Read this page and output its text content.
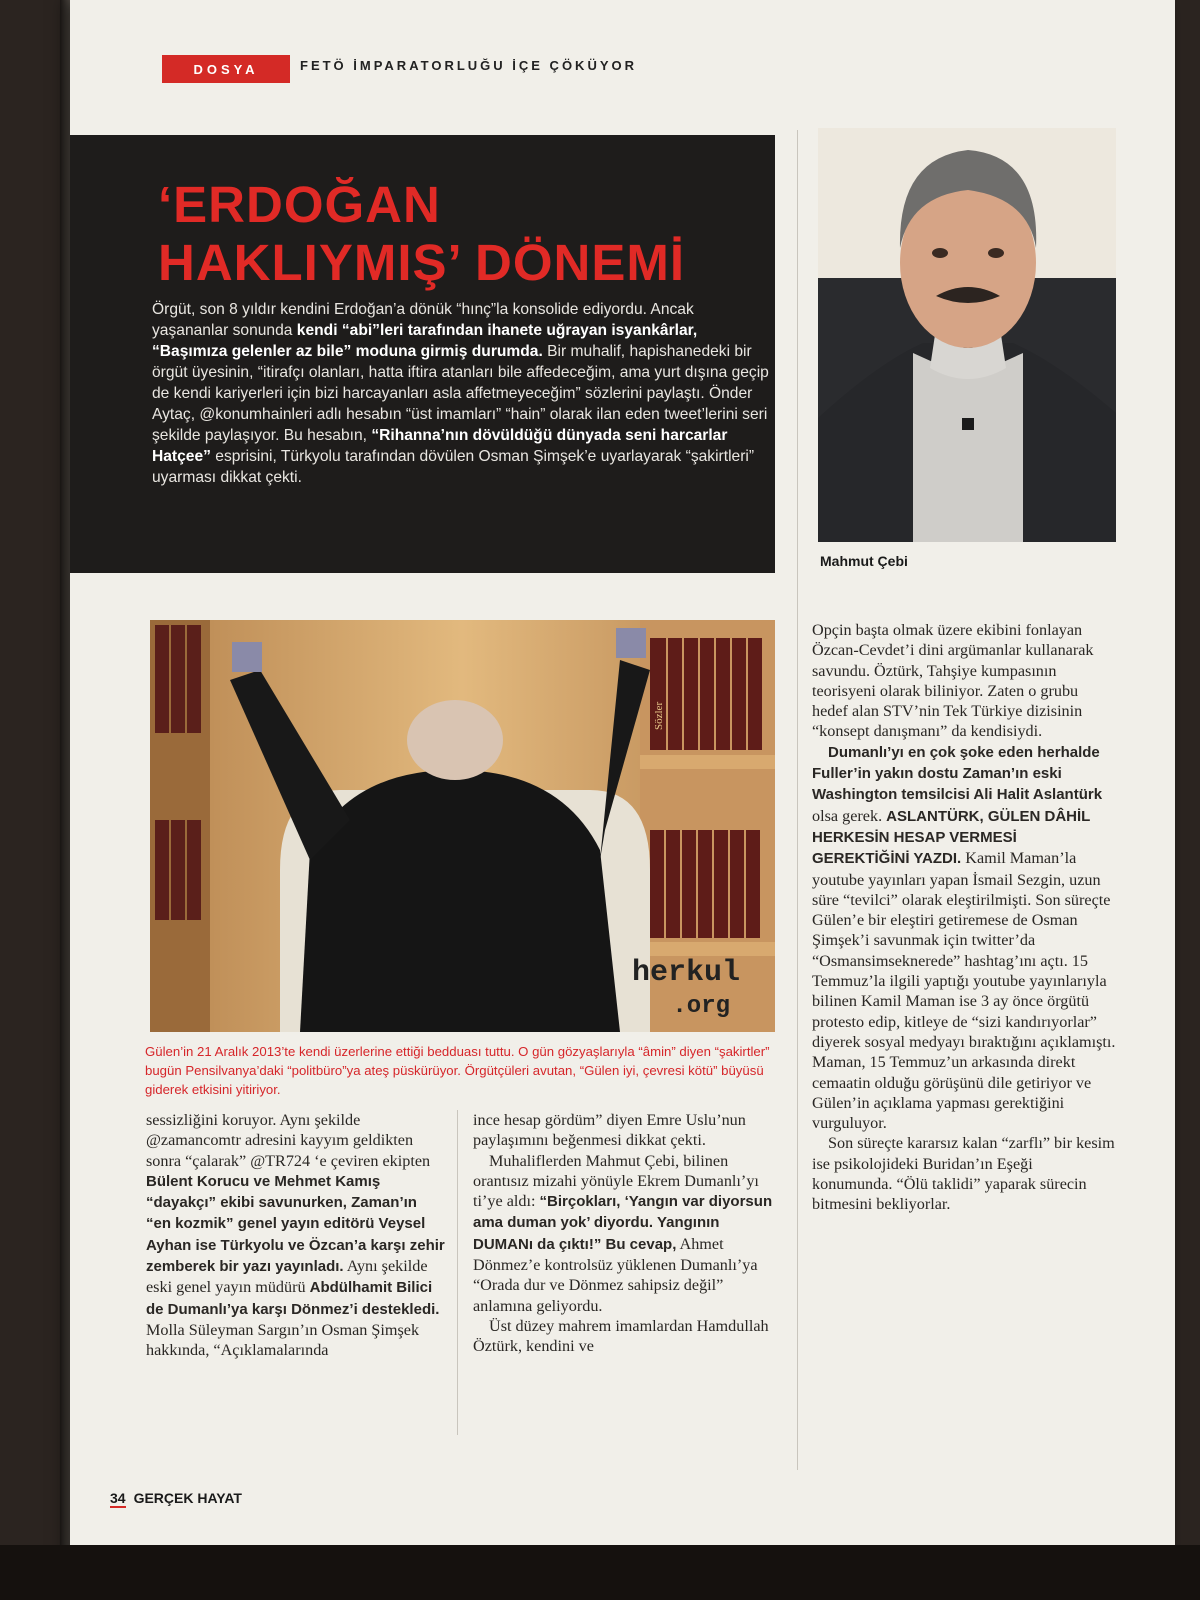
DOSYA	FETÖ İMPARATORLUĞU İÇE ÇÖKÜYOR
‘ERDOĞAN
HAKLIYMIŞ’ DÖNEMİ
Örgüt, son 8 yıldır kendini Erdoğan’a dönük “hınç”la konsolide ediyordu. Ancak yaşananlar sonunda kendi “abi”leri tarafından ihanete uğrayan isyankârlar, “Başımıza gelenler az bile” moduna girmiş durumda. Bir muhalif, hapishanedeki bir örgüt üyesinin, “itirafçı olanları, hatta iftira atanları bile affedeceğim, ama yurt dışına geçip de kendi kariyerleri için bizi harcayanları asla affetmeyeceğim” sözlerini paylaştı. Önder Aytaç, @konumhainleri adlı hesabın “üst imamları” “hain” olarak ilan eden tweet’lerini seri şekilde paylaşıyor. Bu hesabın, “Rihanna’nın dövüldüğü dünyada seni harcarlar Hatçee” esprisini, Türkyolu tarafından dövülen Osman Şimşek’e uyarlayarak “şakirtleri” uyarması dikkat çekti.
Mahmut Çebi
herkul
.org
Sözler
Gülen’in 21 Aralık 2013’te kendi üzerlerine ettiği bedduası tuttu. O gün gözyaşlarıyla “âmin” diyen “şakirtler” bugün Pensilvanya’daki “politbüro”ya ateş püskürüyor. Örgütçüleri avutan, “Gülen iyi, çevresi kötü” büyüsü giderek etkisini yitiriyor.

sessizliğini koruyor. Aynı şekilde @zamancomtr adresini kayyım geldikten sonra “çalarak” @TR724 ‘e çeviren ekipten Bülent Korucu ve Mehmet Kamış “dayakçı” ekibi savunurken, Zaman’ın “en kozmik” genel yayın editörü Veysel Ayhan ise Türkyolu ve Özcan’a karşı zehir zemberek bir yazı yayınladı. Aynı şekilde eski genel yayın müdürü Abdülhamit Bilici de Dumanlı’ya karşı Dönmez’i destekledi. Molla Süleyman Sargın’ın Osman Şimşek hakkında, “Açıklamalarında

ince hesap gördüm” diyen Emre Uslu’nun paylaşımını beğenmesi dikkat çekti.

Muhaliflerden Mahmut Çebi, bilinen orantısız mizahi yönüyle Ekrem Dumanlı’yı ti’ye aldı: “Birçokları, ‘Yangın var diyorsun ama duman yok’ diyordu. Yangının DUMANı da çıktı!” Bu cevap, Ahmet Dönmez’e kontrolsüz yüklenen Dumanlı’ya “Orada dur ve Dönmez sahipsiz değil” anlamına geliyordu.

Üst düzey mahrem imamlardan Hamdullah Öztürk, kendini ve

Opçin başta olmak üzere ekibini fonlayan Özcan-Cevdet’i dini argümanlar kullanarak savundu. Öztürk, Tahşiye kumpasının teorisyeni olarak biliniyor. Zaten o grubu hedef alan STV’nin Tek Türkiye dizisinin “konsept danışmanı” da kendisiydi.

Dumanlı’yı en çok şoke eden herhalde Fuller’in yakın dostu Zaman’ın eski Washington temsilcisi Ali Halit Aslantürk olsa gerek. ASLANTÜRK, GÜLEN DÂHİL HERKESİN HESAP VERMESİ GEREKTİĞİNİ YAZDI. Kamil Maman’la youtube yayınları yapan İsmail Sezgin, uzun süre “tevilci” olarak eleştirilmişti. Son süreçte Gülen’e bir eleştiri getiremese de Osman Şimşek’i savunmak için twitter’da “Osmansimseknerede” hashtag’ını açtı. 15 Temmuz’la ilgili yaptığı youtube yayınlarıyla bilinen Kamil Maman ise 3 ay önce örgütü protesto edip, kitleye de “sizi kandırıyorlar” diyerek sosyal medyayı bıraktığını açıklamıştı. Maman, 15 Temmuz’un arkasında direkt cemaatin olduğu görüşünü dile getiriyor ve Gülen’in açıklama yapması gerektiğini vurguluyor.

Son süreçte kararsız kalan “zarflı” bir kesim ise psikolojideki Buridan’ın Eşeği konumunda. “Ölü taklidi” yaparak sürecin bitmesini bekliyorlar.

34 GERÇEK HAYAT
